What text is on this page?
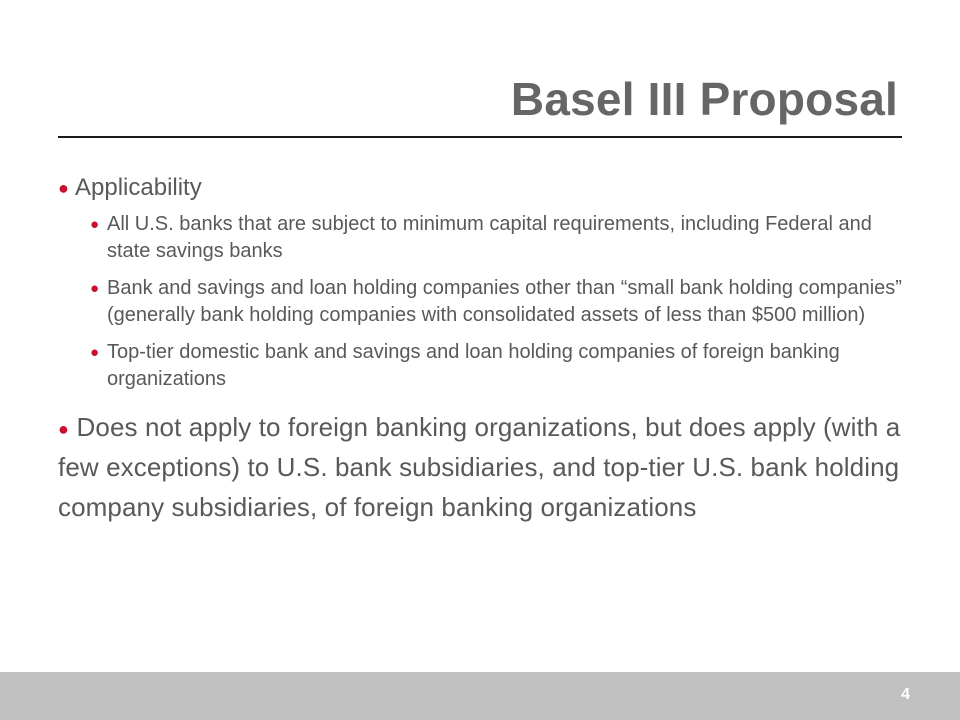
Basel III Proposal
● Applicability
● All U.S. banks that are subject to minimum capital requirements, including Federal and state savings banks
● Bank and savings and loan holding companies other than “small bank holding companies” (generally bank holding companies with consolidated assets of less than $500 million)
● Top-tier domestic bank and savings and loan holding companies of foreign banking organizations
● Does not apply to foreign banking organizations, but does apply (with a few exceptions) to U.S. bank subsidiaries, and top-tier U.S. bank holding company subsidiaries, of foreign banking organizations
4
